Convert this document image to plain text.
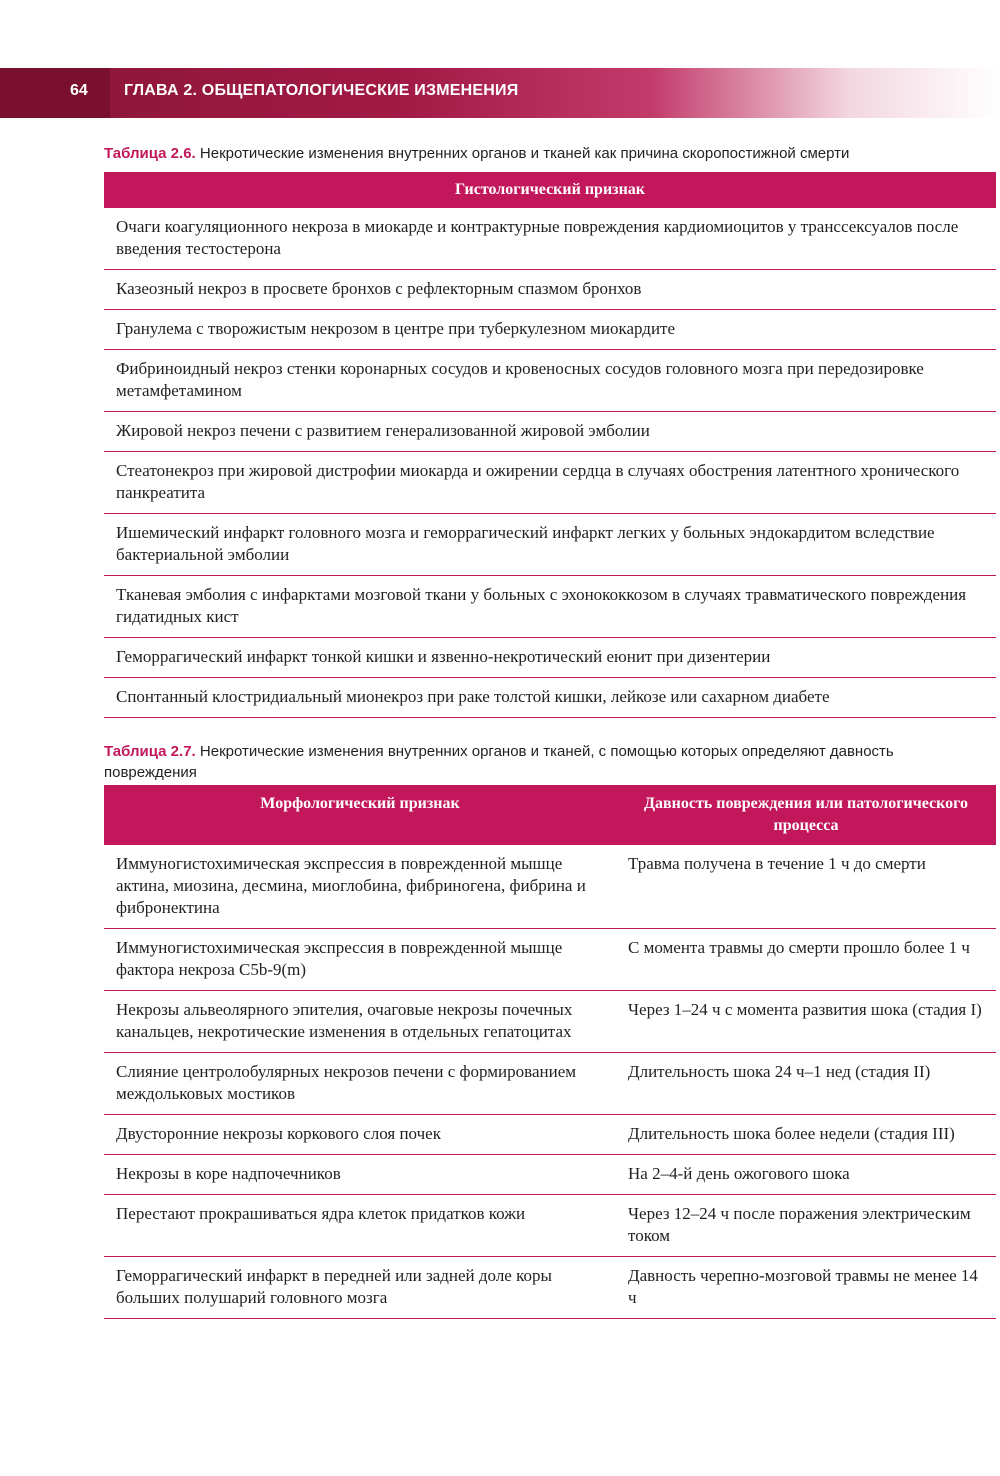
64 ГЛАВА 2. ОБЩЕПАТОЛОГИЧЕСКИЕ ИЗМЕНЕНИЯ
Таблица 2.6. Некротические изменения внутренних органов и тканей как причина скоропостижной смерти
Гистологический признак
Очаги коагуляционного некроза в миокарде и контрактурные повреждения кардиомиоцитов у транссексуалов после введения тестостерона
Казеозный некроз в просвете бронхов с рефлекторным спазмом бронхов
Гранулема с творожистым некрозом в центре при туберкулезном миокардите
Фибриноидный некроз стенки коронарных сосудов и кровеносных сосудов головного мозга при передозировке метамфетамином
Жировой некроз печени с развитием генерализованной жировой эмболии
Стеатонекроз при жировой дистрофии миокарда и ожирении сердца в случаях обострения латентного хронического панкреатита
Ишемический инфаркт головного мозга и геморрагический инфаркт легких у больных эндокардитом вследствие бактериальной эмболии
Тканевая эмболия с инфарктами мозговой ткани у больных с эхонококкозом в случаях травматического повреждения гидатидных кист
Геморрагический инфаркт тонкой кишки и язвенно-некротический еюнит при дизентерии
Спонтанный клостридиальный мионекроз при раке толстой кишки, лейкозе или сахарном диабете
Таблица 2.7. Некротические изменения внутренних органов и тканей, с помощью которых определяют давность повреждения
Морфологический признак	Давность повреждения или патологического процесса
Иммуногистохимическая экспрессия в поврежденной мышце актина, миозина, десмина, миоглобина, фибриногена, фибрина и фибронектина	Травма получена в течение 1 ч до смерти
Иммуногистохимическая экспрессия в поврежденной мышце фактора некроза С5b-9(m)	С момента травмы до смерти прошло более 1 ч
Некрозы альвеолярного эпителия, очаговые некрозы почечных канальцев, некротические изменения в отдельных гепатоцитах	Через 1–24 ч с момента развития шока (стадия I)
Слияние центролобулярных некрозов печени с формированием междольковых мостиков	Длительность шока 24 ч–1 нед (стадия II)
Двусторонние некрозы коркового слоя почек	Длительность шока более недели (стадия III)
Некрозы в коре надпочечников	На 2–4-й день ожогового шока
Перестают прокрашиваться ядра клеток придатков кожи	Через 12–24 ч после поражения электрическим током
Геморрагический инфаркт в передней или задней доле коры больших полушарий головного мозга	Давность черепно-мозговой травмы не менее 14 ч
